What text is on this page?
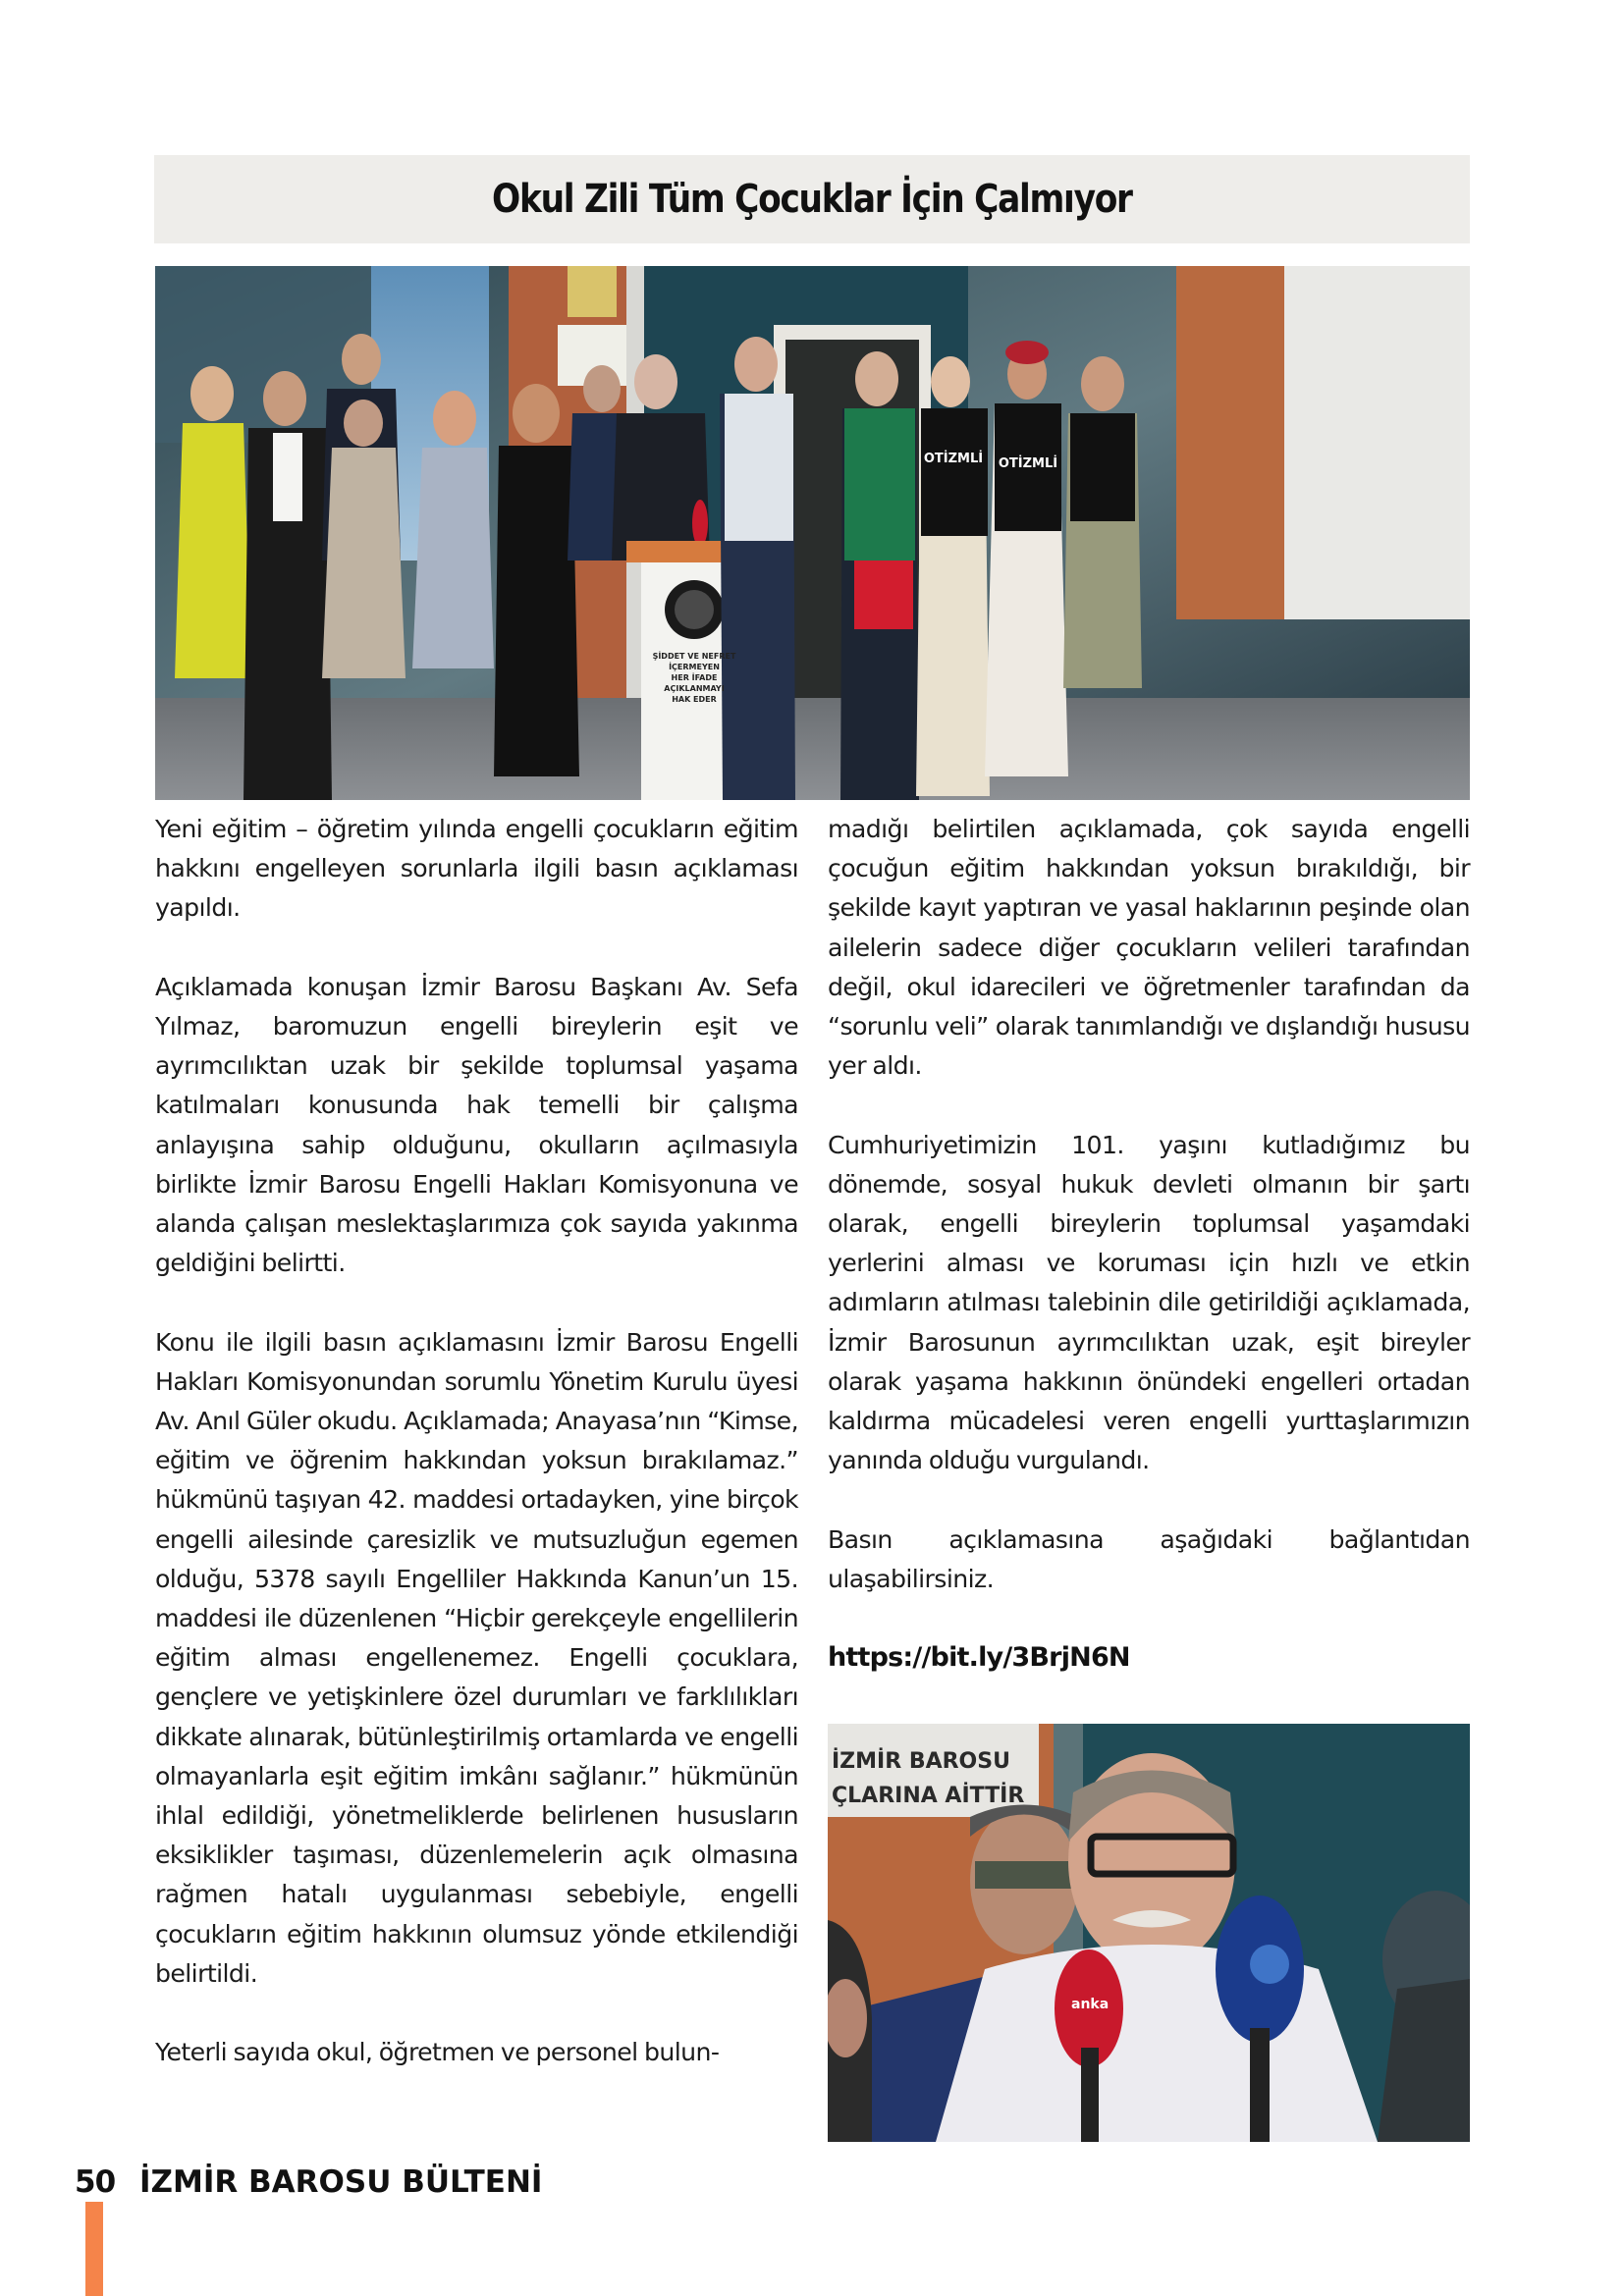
Okul Zili Tüm Çocuklar İçin Çalmıyor
ŞİDDET VE NEFRET
İÇERMEYEN
HER İFADE
AÇIKLANMAYI
HAK EDER
OTİZMLİ OTİZMLİ

Yeni eğitim – öğretim yılında engelli çocukların eğitim hakkını engelleyen sorunlarla ilgili basın açıklaması yapıldı.

Açıklamada konuşan İzmir Barosu Başkanı Av. Sefa Yılmaz, baromuzun engelli bireylerin eşit ve ayrımcılıktan uzak bir şekilde toplumsal yaşama katılmaları konusunda hak temelli bir çalışma anlayışına sahip olduğunu, okulların açılmasıyla birlikte İzmir Barosu Engelli Hakları Komisyonuna ve alanda çalışan meslektaşlarımıza çok sayıda yakınma geldiğini belirtti.

Konu ile ilgili basın açıklamasını İzmir Barosu Engelli Hakları Komisyonundan sorumlu Yönetim Kurulu üyesi Av. Anıl Güler okudu. Açıklamada; Anayasa’nın “Kimse, eğitim ve öğrenim hakkından yoksun bırakılamaz.” hükmünü taşıyan 42. maddesi ortadayken, yine birçok engelli ailesinde çaresizlik ve mutsuzluğun egemen olduğu, 5378 sayılı Engelliler Hakkında Kanun’un 15. maddesi ile düzenlenen “Hiçbir gerekçeyle engellilerin eğitim alması engellenemez. Engelli çocuklara, gençlere ve yetişkinlere özel durumları ve farklılıkları dikkate alınarak, bütünleştirilmiş ortamlarda ve engelli olmayanlarla eşit eğitim imkânı sağlanır.” hükmünün ihlal edildiği, yönetmeliklerde belirlenen hususların eksiklikler taşıması, düzenlemelerin açık olmasına rağmen hatalı uygulanması sebebiyle, engelli çocukların eğitim hakkının olumsuz yönde etkilendiği belirtildi.

Yeterli sayıda okul, öğretmen ve personel bulun-

madığı belirtilen açıklamada, çok sayıda engelli çocuğun eğitim hakkından yoksun bırakıldığı, bir şekilde kayıt yaptıran ve yasal haklarının peşinde olan ailelerin sadece diğer çocukların velileri tarafından değil, okul idarecileri ve öğretmenler tarafından da “sorunlu veli” olarak tanımlandığı ve dışlandığı hususu yer aldı.

Cumhuriyetimizin 101. yaşını kutladığımız bu dönemde, sosyal hukuk devleti olmanın bir şartı olarak, engelli bireylerin toplumsal yaşamdaki yerlerini alması ve koruması için hızlı ve etkin adımların atılması talebinin dile getirildiği açıklamada, İzmir Barosunun ayrımcılıktan uzak, eşit bireyler olarak yaşama hakkının önündeki engelleri ortadan kaldırma mücadelesi veren engelli yurttaşlarımızın yanında olduğu vurgulandı.

Basın açıklamasına aşağıdaki bağlantıdan ulaşabilirsiniz.

https://bit.ly/3BrjN6N
İZMİR BAROSU
ÇLARINA AİTTİR
anka
50 İZMİR BAROSU BÜLTENİ
